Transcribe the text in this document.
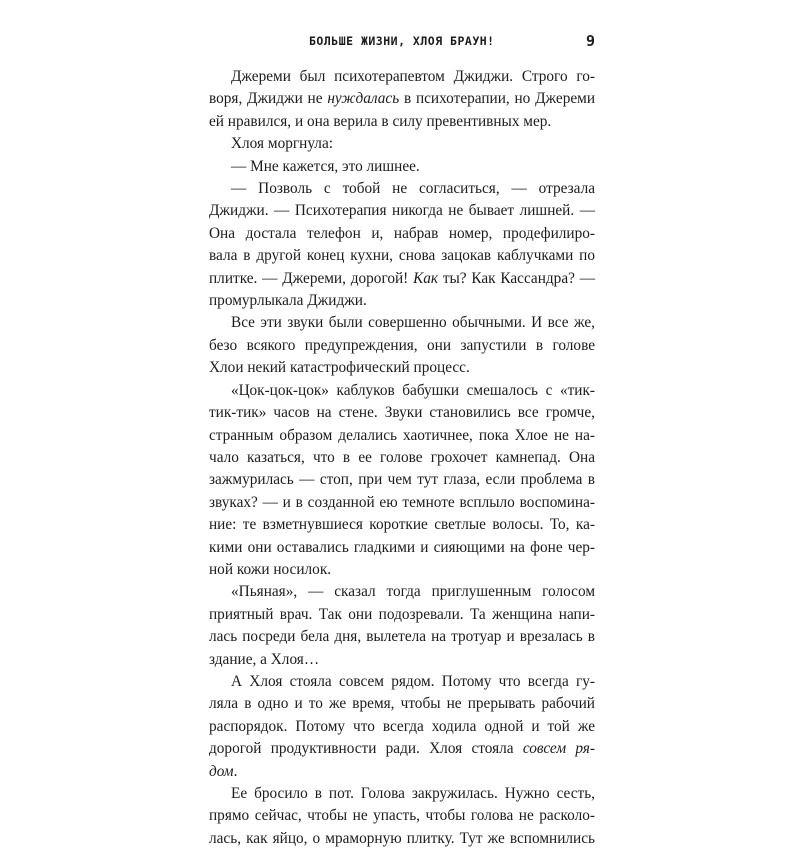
БОЛЬШЕ ЖИЗНИ, ХЛОЯ БРАУН!	9
Джереми был психотерапевтом Джиджи. Строго го-
воря, Джиджи не нуждалась в психотерапии, но Джереми
ей нравился, и она верила в силу превентивных мер.
Хлоя моргнула:
— Мне кажется, это лишнее.
— Позволь с тобой не согласиться, — отрезала
Джиджи. — Психотерапия никогда не бывает лишней. —
Она достала телефон и, набрав номер, продефилиро-
вала в другой конец кухни, снова зацокав каблучками по
плитке. — Джереми, дорогой! Как ты? Как Кассандра? —
промурлыкала Джиджи.
Все эти звуки были совершенно обычными. И все же,
безо всякого предупреждения, они запустили в голове
Хлои некий катастрофический процесс.
«Цок-цок-цок» каблуков бабушки смешалось с «тик-
тик-тик» часов на стене. Звуки становились все громче,
странным образом делались хаотичнее, пока Хлое не на-
чало казаться, что в ее голове грохочет камнепад. Она
зажмурилась — стоп, при чем тут глаза, если проблема в
звуках? — и в созданной ею темноте всплыло воспомина-
ние: те взметнувшиеся короткие светлые волосы. То, ка-
кими они оставались гладкими и сияющими на фоне чер-
ной кожи носилок.
«Пьяная», — сказал тогда приглушенным голосом
приятный врач. Так они подозревали. Та женщина напи-
лась посреди бела дня, вылетела на тротуар и врезалась в
здание, а Хлоя…
А Хлоя стояла совсем рядом. Потому что всегда гу-
ляла в одно и то же время, чтобы не прерывать рабочий
распорядок. Потому что всегда ходила одной и той же
дорогой продуктивности ради. Хлоя стояла совсем ря-
дом.
Ее бросило в пот. Голова закружилась. Нужно сесть,
прямо сейчас, чтобы не упасть, чтобы голова не расколо-
лась, как яйцо, о мраморную плитку. Тут же вспомнились
